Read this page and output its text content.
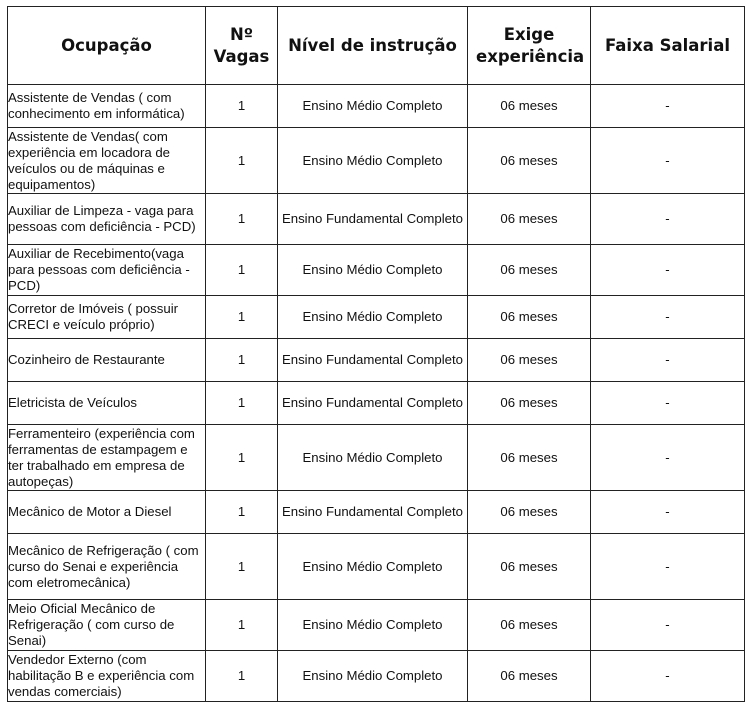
Ocupação	Nº Vagas	Nível de instrução	Exige experiência	Faixa Salarial
Assistente de Vendas ( com conhecimento em informática)	1	Ensino Médio Completo	06 meses	-
Assistente de Vendas( com experiência em locadora de veículos ou de máquinas e equipamentos)	1	Ensino Médio Completo	06 meses	-
Auxiliar de Limpeza - vaga para pessoas com deficiência - PCD)	1	Ensino Fundamental Completo	06 meses	-
Auxiliar de Recebimento(vaga para pessoas com deficiência - PCD)	1	Ensino Médio Completo	06 meses	-
Corretor de Imóveis ( possuir CRECI e veículo próprio)	1	Ensino Médio Completo	06 meses	-
Cozinheiro de Restaurante	1	Ensino Fundamental Completo	06 meses	-
Eletricista de Veículos	1	Ensino Fundamental Completo	06 meses	-
Ferramenteiro (experiência com ferramentas de estampagem e ter trabalhado em empresa de autopeças)	1	Ensino Médio Completo	06 meses	-
Mecânico de Motor a Diesel	1	Ensino Fundamental Completo	06 meses	-
Mecânico de Refrigeração ( com curso do Senai e experiência com eletromecânica)	1	Ensino Médio Completo	06 meses	-
Meio Oficial Mecânico de Refrigeração ( com curso de Senai)	1	Ensino Médio Completo	06 meses	-
Vendedor Externo (com habilitação B e experiência com vendas comerciais)	1	Ensino Médio Completo	06 meses	-
